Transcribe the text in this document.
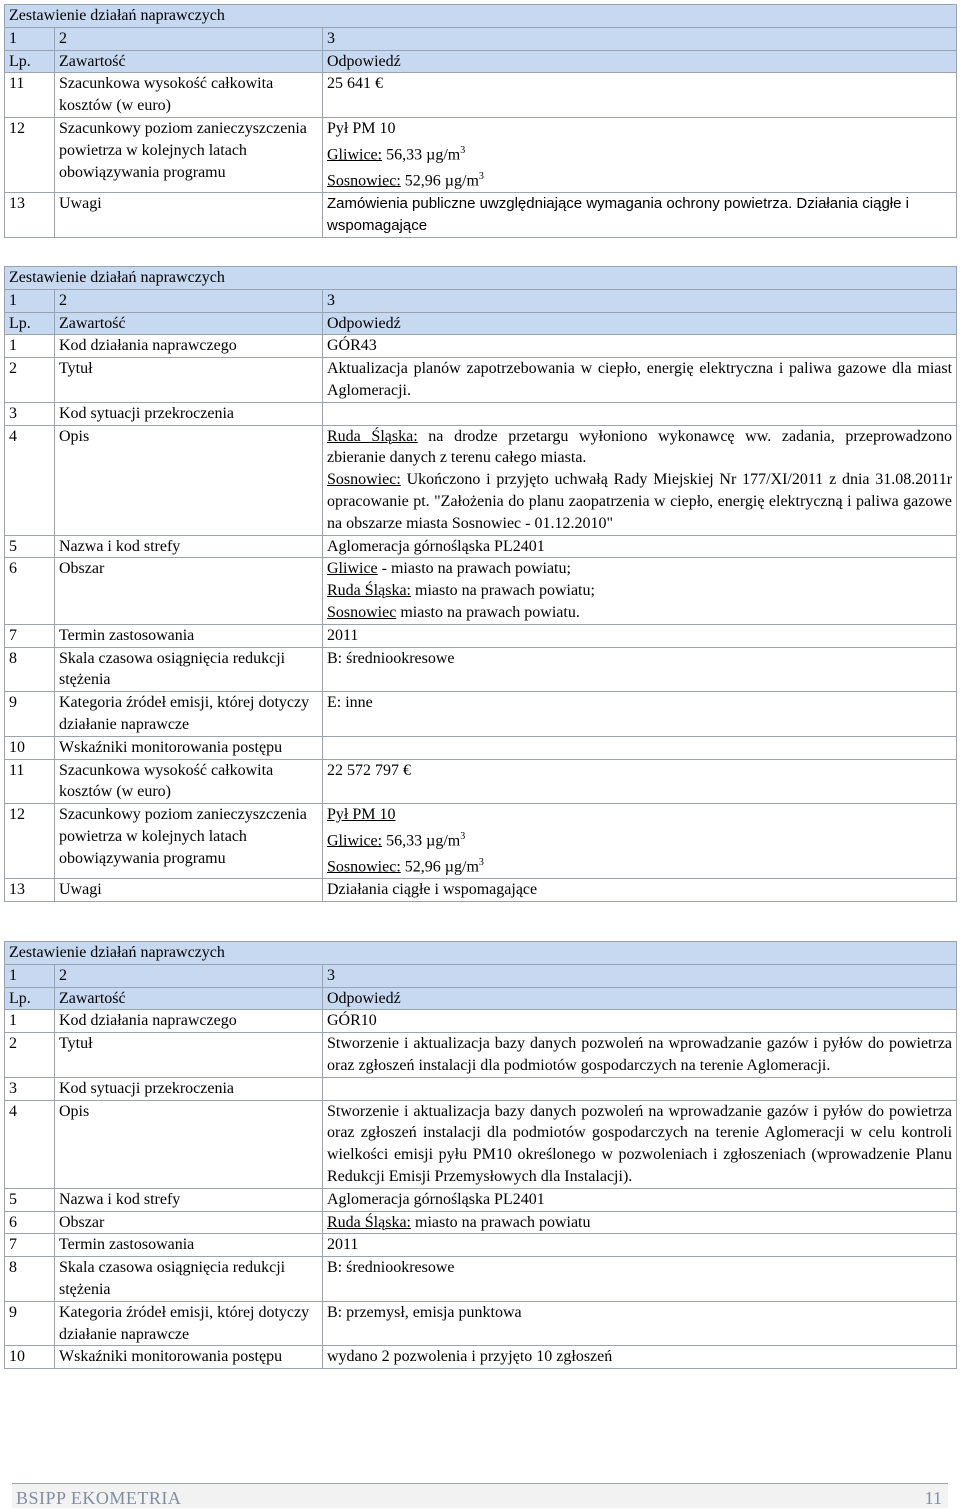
Zestawienie działań naprawczych		
1	2	3
Lp.	Zawartość	Odpowiedź
11	Szacunkowa wysokość całkowita kosztów (w euro)	25 641 €
12	Szacunkowy poziom zanieczyszczenia powietrza w kolejnych latach obowiązywania programu	Pył PM 10
Gliwice: 56,33 $\mu g/m^3$
Sosnowiec: 52,96 $\mu g/m^3$

13	Uwagi	Zamówienia publiczne uwzględniające wymagania ochrony powietrza. Działania ciągłe i wspomagające
Zestawienie działań naprawczych		
1	2	3
Lp.	Zawartość	Odpowiedź
1	Kod działania naprawczego	GÓR43
2	Tytuł	Aktualizacja planów zapotrzebowania w ciepło, energię elektryczna i paliwa gazowe dla miast Aglomeracji.
3	Kod sytuacji przekroczenia	
4	Opis	Ruda Śląska: na drodze przetargu wyłoniono wykonawcę ww. zadania, przeprowadzono zbieranie danych z terenu całego miasta.
Sosnowiec: Ukończono i przyjęto uchwałą Rady Miejskiej Nr 177/XI/2011 z dnia 31.08.2011r opracowanie pt. "Założenia do planu zaopatrzenia w ciepło, energię elektryczną i paliwa gazowe na obszarze miasta Sosnowiec - 01.12.2010"

5	Nazwa i kod strefy	Aglomeracja górnośląska PL2401
6	Obszar	Gliwice - miasto na prawach powiatu;
Ruda Śląska: miasto na prawach powiatu;
Sosnowiec miasto na prawach powiatu.

7	Termin zastosowania	2011
8	Skala czasowa osiągnięcia redukcji stężenia	B: średniookresowe
9	Kategoria źródeł emisji, której dotyczy działanie naprawcze	E: inne
10	Wskaźniki monitorowania postępu	
11	Szacunkowa wysokość całkowita kosztów (w euro)	22 572 797 €
12	Szacunkowy poziom zanieczyszczenia powietrza w kolejnych latach obowiązywania programu	Pył PM 10
Gliwice: 56,33 $\mu g/m^3$
Sosnowiec: 52,96 $\mu g/m^3$

13	Uwagi	Działania ciągłe i wspomagające
Zestawienie działań naprawczych		
1	2	3
Lp.	Zawartość	Odpowiedź
1	Kod działania naprawczego	GÓR10
2	Tytuł	Stworzenie i aktualizacja bazy danych pozwoleń na wprowadzanie gazów i pyłów do powietrza oraz zgłoszeń instalacji dla podmiotów gospodarczych na terenie Aglomeracji.
3	Kod sytuacji przekroczenia	
4	Opis	Stworzenie i aktualizacja bazy danych pozwoleń na wprowadzanie gazów i pyłów do powietrza oraz zgłoszeń instalacji dla podmiotów gospodarczych na terenie Aglomeracji w celu kontroli wielkości emisji pyłu PM10 określonego w pozwoleniach i zgłoszeniach (wprowadzenie Planu Redukcji Emisji Przemysłowych dla Instalacji).
5	Nazwa i kod strefy	Aglomeracja górnośląska PL2401
6	Obszar	Ruda Śląska: miasto na prawach powiatu
7	Termin zastosowania	2011
8	Skala czasowa osiągnięcia redukcji stężenia	B: średniookresowe
9	Kategoria źródeł emisji, której dotyczy działanie naprawcze	B: przemysł, emisja punktowa
10	Wskaźniki monitorowania postępu	wydano 2 pozwolenia i przyjęto 10 zgłoszeń
BSIPP EKOMETRIA	11
